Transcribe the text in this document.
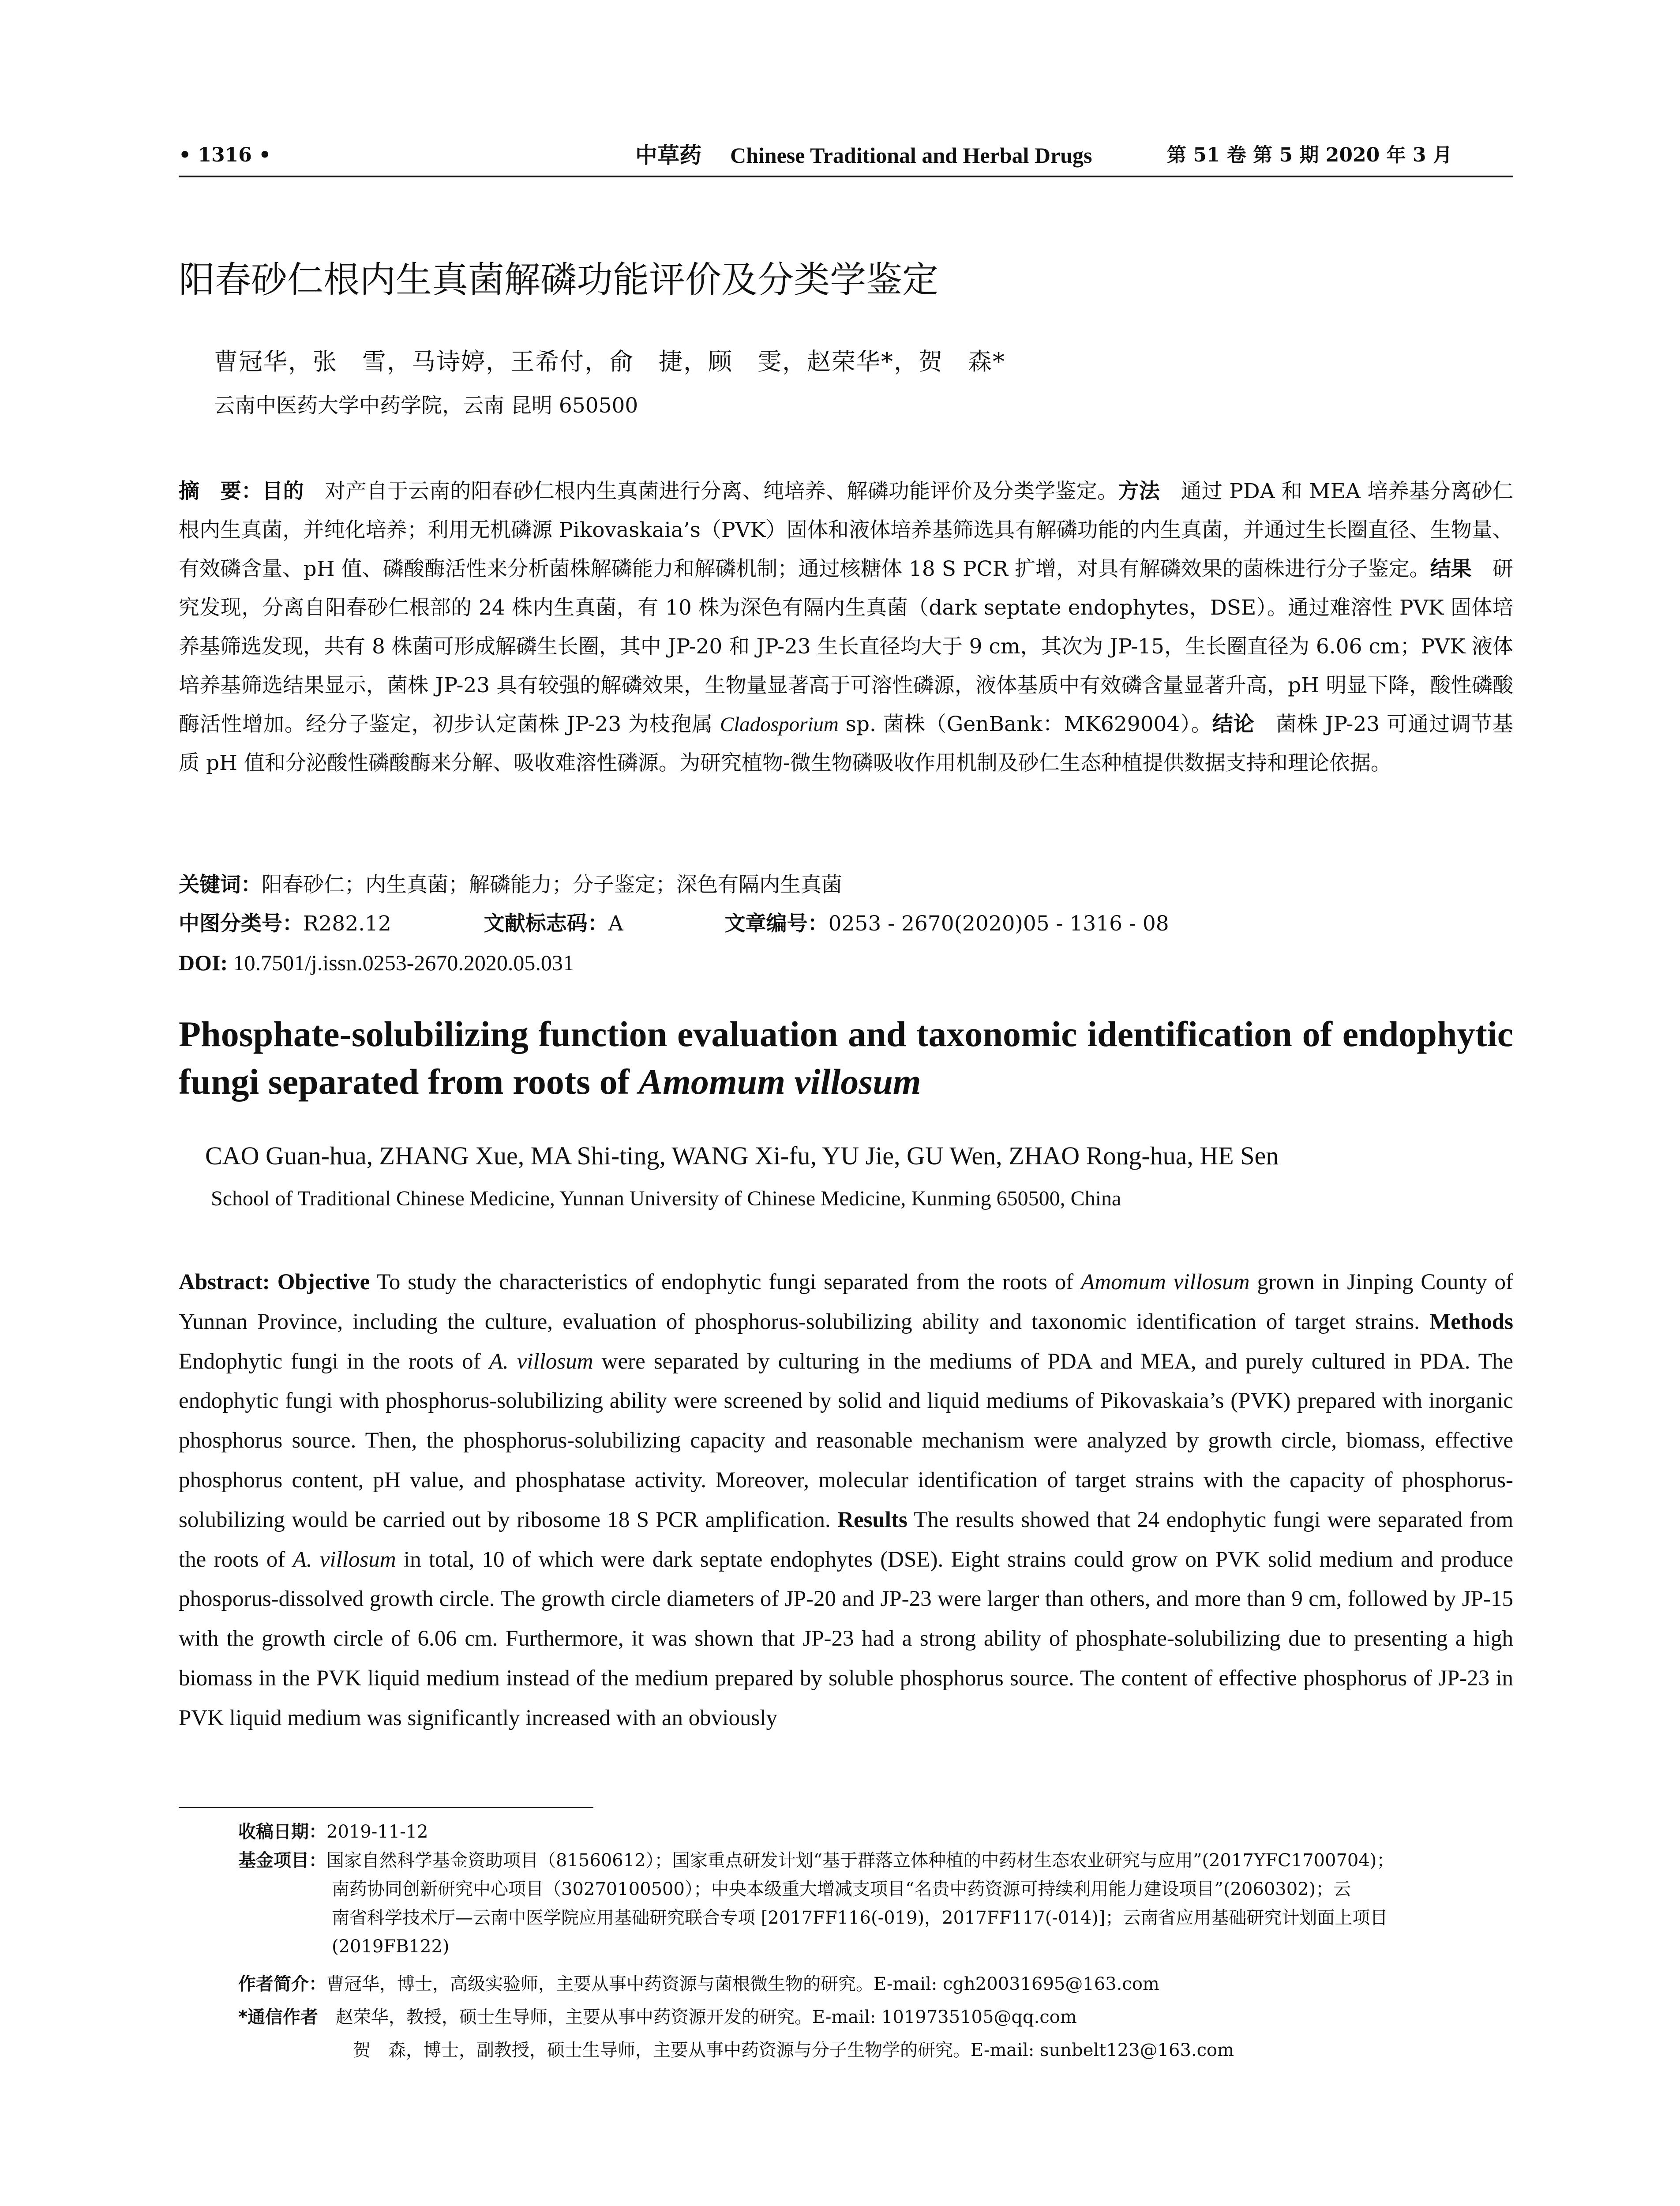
• 1316 •	中草药 Chinese Traditional and Herbal Drugs	第 51 卷 第 5 期 2020 年 3 月
阳春砂仁根内生真菌解磷功能评价及分类学鉴定
曹冠华，张　雪，马诗婷，王希付，俞　捷，顾　雯，赵荣华*，贺　森*
云南中医药大学中药学院，云南 昆明 650500
摘　要：目的　 对产自于云南的阳春砂仁根内生真菌进行分离、纯培养、解磷功能评价及分类学鉴定。方法　 通过 PDA 和 MEA 培养基分离砂仁根内生真菌，并纯化培养；利用无机磷源 Pikovaskaia’s（PVK）固体和液体培养基筛选具有解磷功能的内生真菌，并通过生长圈直径、生物量、有效磷含量、pH 值、磷酸酶活性来分析菌株解磷能力和解磷机制；通过核糖体 18 S PCR 扩增，对具有解磷效果的菌株进行分子鉴定。结果　 研究发现，分离自阳春砂仁根部的 24 株内生真菌，有 10 株为深色有隔内生真菌（dark septate endophytes，DSE）。通过难溶性 PVK 固体培养基筛选发现，共有 8 株菌可形成解磷生长圈，其中 JP-20 和 JP-23 生长直径均大于 9 cm，其次为 JP-15，生长圈直径为 6.06 cm；PVK 液体培养基筛选结果显示，菌株 JP-23 具有较强的解磷效果，生物量显著高于可溶性磷源，液体基质中有效磷含量显著升高，pH 明显下降，酸性磷酸酶活性增加。经分子鉴定，初步认定菌株 JP-23 为枝孢属 Cladosporium sp. 菌株（GenBank：MK629004）。结论　 菌株 JP-23 可通过调节基质 pH 值和分泌酸性磷酸酶来分解、吸收难溶性磷源。为研究植物-微生物磷吸收作用机制及砂仁生态种植提供数据支持和理论依据。
关键词：阳春砂仁；内生真菌；解磷能力；分子鉴定；深色有隔内生真菌
中图分类号：R282.12	文献标志码：A	文章编号：0253 - 2670(2020)05 - 1316 - 08
DOI: 10.7501/j.issn.0253-2670.2020.05.031
Phosphate-solubilizing function evaluation and taxonomic identification of endophytic fungi separated from roots of Amomum villosum
CAO Guan-hua, ZHANG Xue, MA Shi-ting, WANG Xi-fu, YU Jie, GU Wen, ZHAO Rong-hua, HE Sen
School of Traditional Chinese Medicine, Yunnan University of Chinese Medicine, Kunming 650500, China
Abstract: Objective To study the characteristics of endophytic fungi separated from the roots of Amomum villosum grown in Jinping County of Yunnan Province, including the culture, evaluation of phosphorus-solubilizing ability and taxonomic identification of target strains. Methods Endophytic fungi in the roots of A. villosum were separated by culturing in the mediums of PDA and MEA, and purely cultured in PDA. The endophytic fungi with phosphorus-solubilizing ability were screened by solid and liquid mediums of Pikovaskaia’s (PVK) prepared with inorganic phosphorus source. Then, the phosphorus-solubilizing capacity and reasonable mechanism were analyzed by growth circle, biomass, effective phosphorus content, pH value, and phosphatase activity. Moreover, molecular identification of target strains with the capacity of phosphorus-solubilizing would be carried out by ribosome 18 S PCR amplification. Results The results showed that 24 endophytic fungi were separated from the roots of A. villosum in total, 10 of which were dark septate endophytes (DSE). Eight strains could grow on PVK solid medium and produce phosporus-dissolved growth circle. The growth circle diameters of JP-20 and JP-23 were larger than others, and more than 9 cm, followed by JP-15 with the growth circle of 6.06 cm. Furthermore, it was shown that JP-23 had a strong ability of phosphate-solubilizing due to presenting a high biomass in the PVK liquid medium instead of the medium prepared by soluble phosphorus source. The content of effective phosphorus of JP-23 in PVK liquid medium was significantly increased with an obviously
收稿日期：2019-11-12
基金项目：国家自然科学基金资助项目（81560612）；国家重点研发计划“基于群落立体种植的中药材生态农业研究与应用”(2017YFC1700704)；
南药协同创新研究中心项目（30270100500）；中央本级重大增减支项目“名贵中药资源可持续利用能力建设项目”(2060302)；云
南省科学技术厅—云南中医学院应用基础研究联合专项 [2017FF116(-019)，2017FF117(-014)]；云南省应用基础研究计划面上项目
(2019FB122)
作者简介：曹冠华，博士，高级实验师，主要从事中药资源与菌根微生物的研究。E-mail: cgh20031695@163.com
*通信作者 赵荣华，教授，硕士生导师，主要从事中药资源开发的研究。E-mail: 1019735105@qq.com
贺　森，博士，副教授，硕士生导师，主要从事中药资源与分子生物学的研究。E-mail: sunbelt123@163.com
